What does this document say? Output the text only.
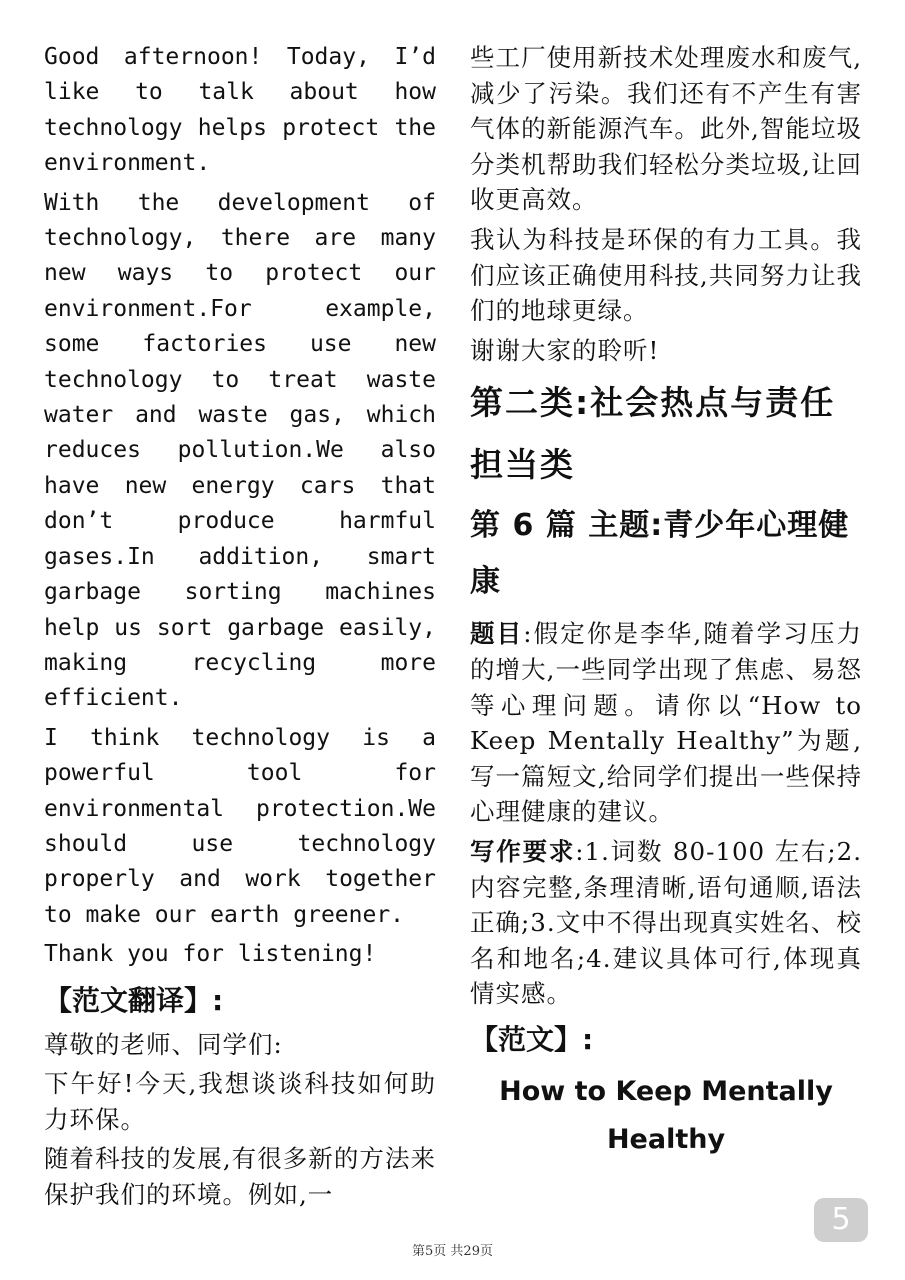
Good afternoon! Today, I’d like to talk about how technology helps protect the environment.

With the development of technology, there are many new ways to protect our environment.For example, some factories use new technology to treat waste water and waste gas, which reduces pollution.We also have new energy cars that don’t produce harmful gases.In addition, smart garbage sorting machines help us sort garbage easily, making recycling more efficient.

I think technology is a powerful tool for environmental protection.We should use technology properly and work together to make our earth greener.

Thank you for listening!

【范文翻译】:

尊敬的老师、同学们:

下午好!今天,我想谈谈科技如何助力环保。

随着科技的发展,有很多新的方法来保护我们的环境。例如,一

些工厂使用新技术处理废水和废气,减少了污染。我们还有不产生有害气体的新能源汽车。此外,智能垃圾分类机帮助我们轻松分类垃圾,让回收更高效。

我认为科技是环保的有力工具。我们应该正确使用科技,共同努力让我们的地球更绿。

谢谢大家的聆听!

第二类:社会热点与责任担当类
第 6 篇 主题:青少年心理健康

题目:假定你是李华,随着学习压力的增大,一些同学出现了焦虑、易怒等心理问题。请你以“How to Keep Mentally Healthy”为题,写一篇短文,给同学们提出一些保持心理健康的建议。

写作要求:1.词数 80-100 左右;2.内容完整,条理清晰,语句通顺,语法正确;3.文中不得出现真实姓名、校名和地名;4.建议具体可行,体现真情实感。

【范文】:
How to Keep Mentally Healthy
5
第5页 共29页
